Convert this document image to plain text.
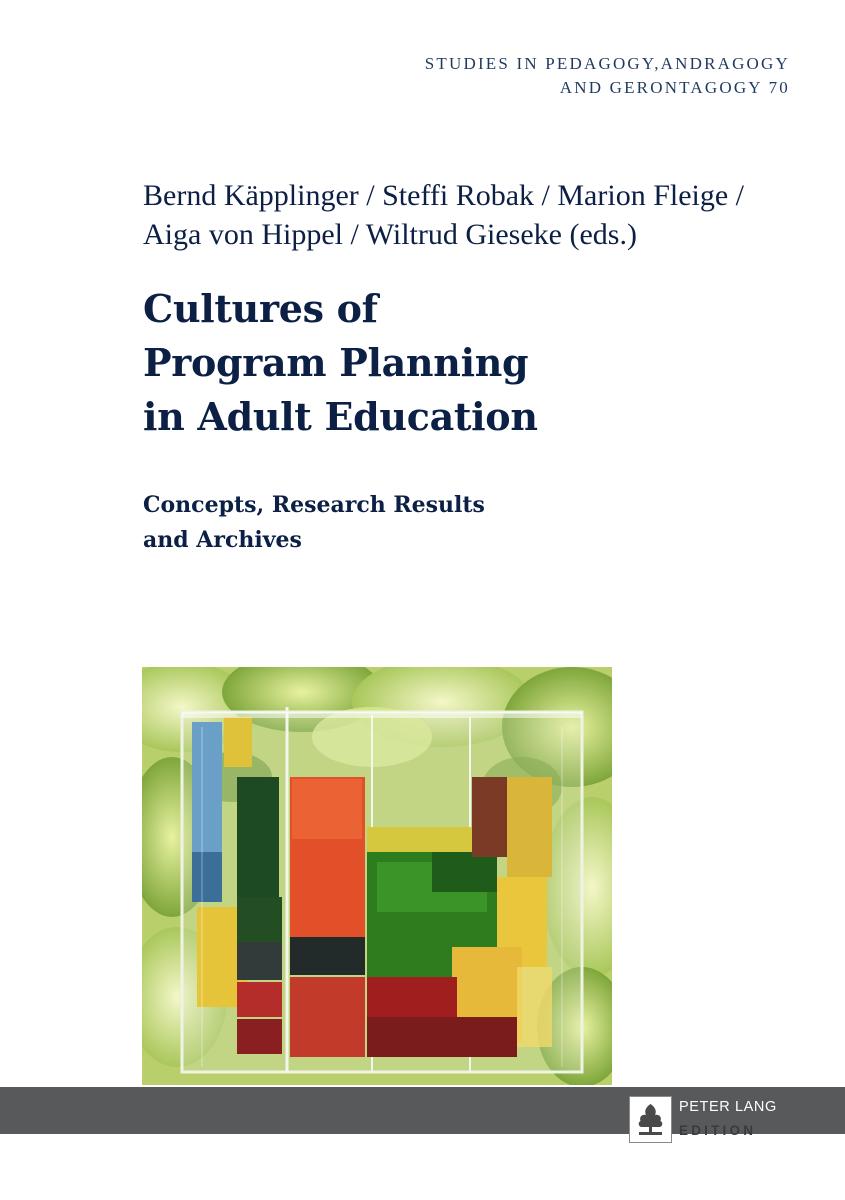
STUDIES IN PEDAGOGY,ANDRAGOGY
AND GERONTAGOGY 70
Bernd Käpplinger / Steffi Robak / Marion Fleige /
Aiga von Hippel / Wiltrud Gieseke (eds.)
Cultures of
Program Planning
in Adult Education
Concepts, Research Results
and Archives
PETER LANG
EDITION
